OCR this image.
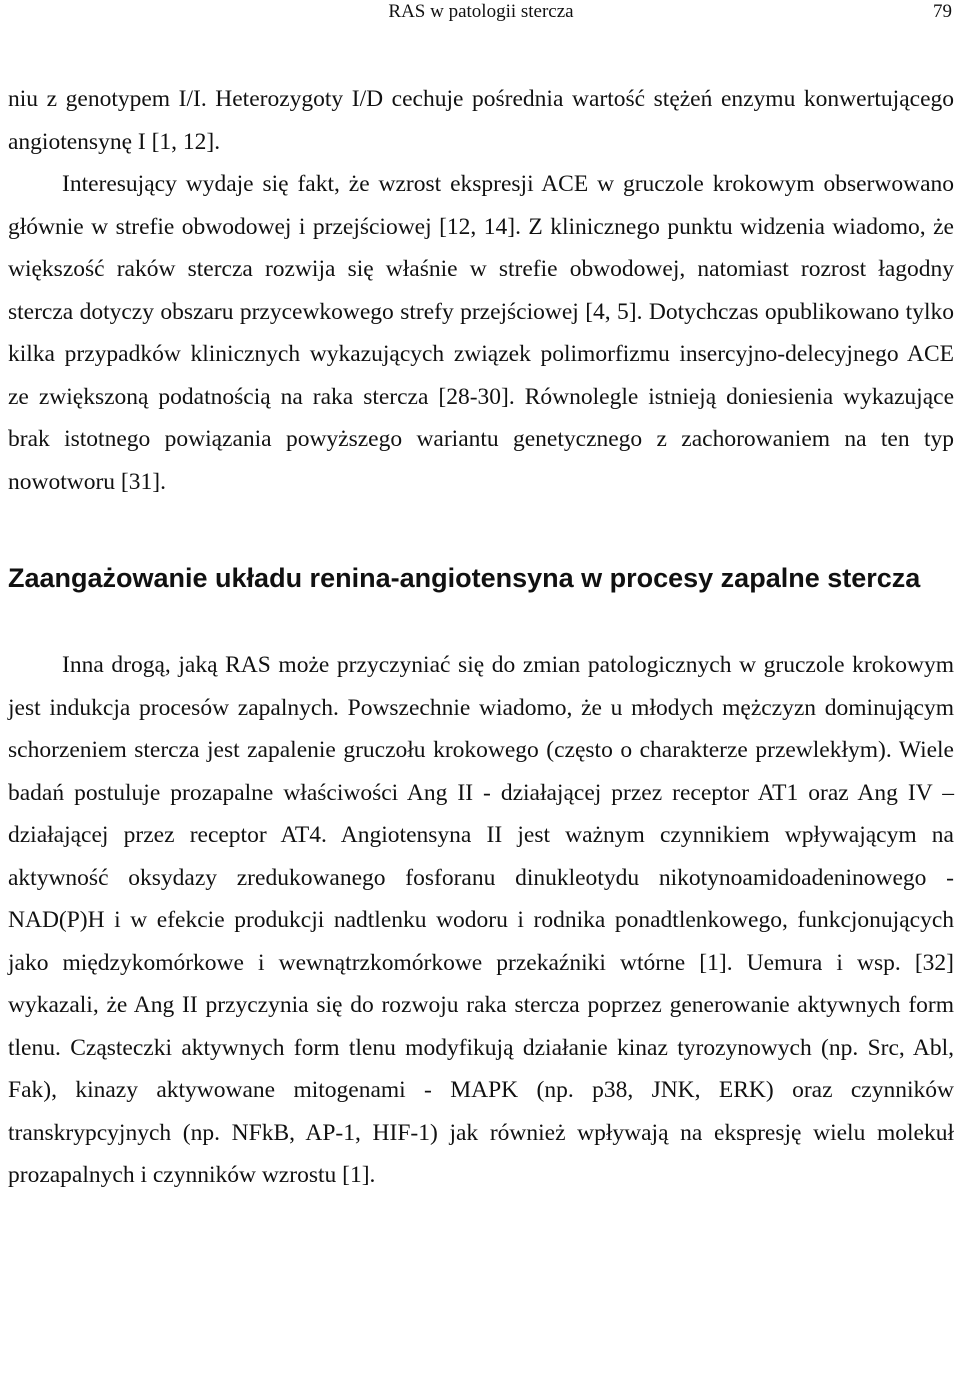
RAS w patologii stercza	79

niu z genotypem I/I. Heterozygoty I/D cechuje pośrednia wartość stężeń enzymu konwertującego angiotensynę I [1, 12].

Interesujący wydaje się fakt, że wzrost ekspresji ACE w gruczole krokowym obserwowano głównie w strefie obwodowej i przejściowej [12, 14]. Z klinicznego punktu widzenia wiadomo, że większość raków stercza rozwija się właśnie w strefie obwodowej, natomiast rozrost łagodny stercza dotyczy obszaru przycewkowego strefy przejściowej [4, 5]. Dotychczas opublikowano tylko kilka przypadków klinicznych wykazujących związek polimorfizmu insercyjno-delecyjnego ACE ze zwiększoną podatnością na raka stercza [28-30]. Równolegle istnieją doniesienia wykazujące brak istotnego powiązania powyższego wariantu genetycznego z zachorowaniem na ten typ nowotworu [31].

Zaangażowanie układu renina-angiotensyna w procesy zapalne stercza

Inna drogą, jaką RAS może przyczyniać się do zmian patologicznych w gruczole krokowym jest indukcja procesów zapalnych. Powszechnie wiadomo, że u młodych mężczyzn dominującym schorzeniem stercza jest zapalenie gruczołu krokowego (często o charakterze przewlekłym). Wiele badań postuluje prozapalne właściwości Ang II - działającej przez receptor AT1 oraz Ang IV – działającej przez receptor AT4. Angiotensyna II jest ważnym czynnikiem wpływającym na aktywność oksydazy zredukowanego fosforanu dinukleotydu nikotynoamidoadeninowego - NAD(P)H i w efekcie produkcji nadtlenku wodoru i rodnika ponadtlenkowego, funkcjonujących jako międzykomórkowe i wewnątrzkomórkowe przekaźniki wtórne [1]. Uemura i wsp. [32] wykazali, że Ang II przyczynia się do rozwoju raka stercza poprzez generowanie aktywnych form tlenu. Cząsteczki aktywnych form tlenu modyfikują działanie kinaz tyrozynowych (np. Src, Abl, Fak), kinazy aktywowane mitogenami - MAPK (np. p38, JNK, ERK) oraz czynników transkrypcyjnych (np. NFkB, AP-1, HIF-1) jak również wpływają na ekspresję wielu molekuł prozapalnych i czynników wzrostu [1].
